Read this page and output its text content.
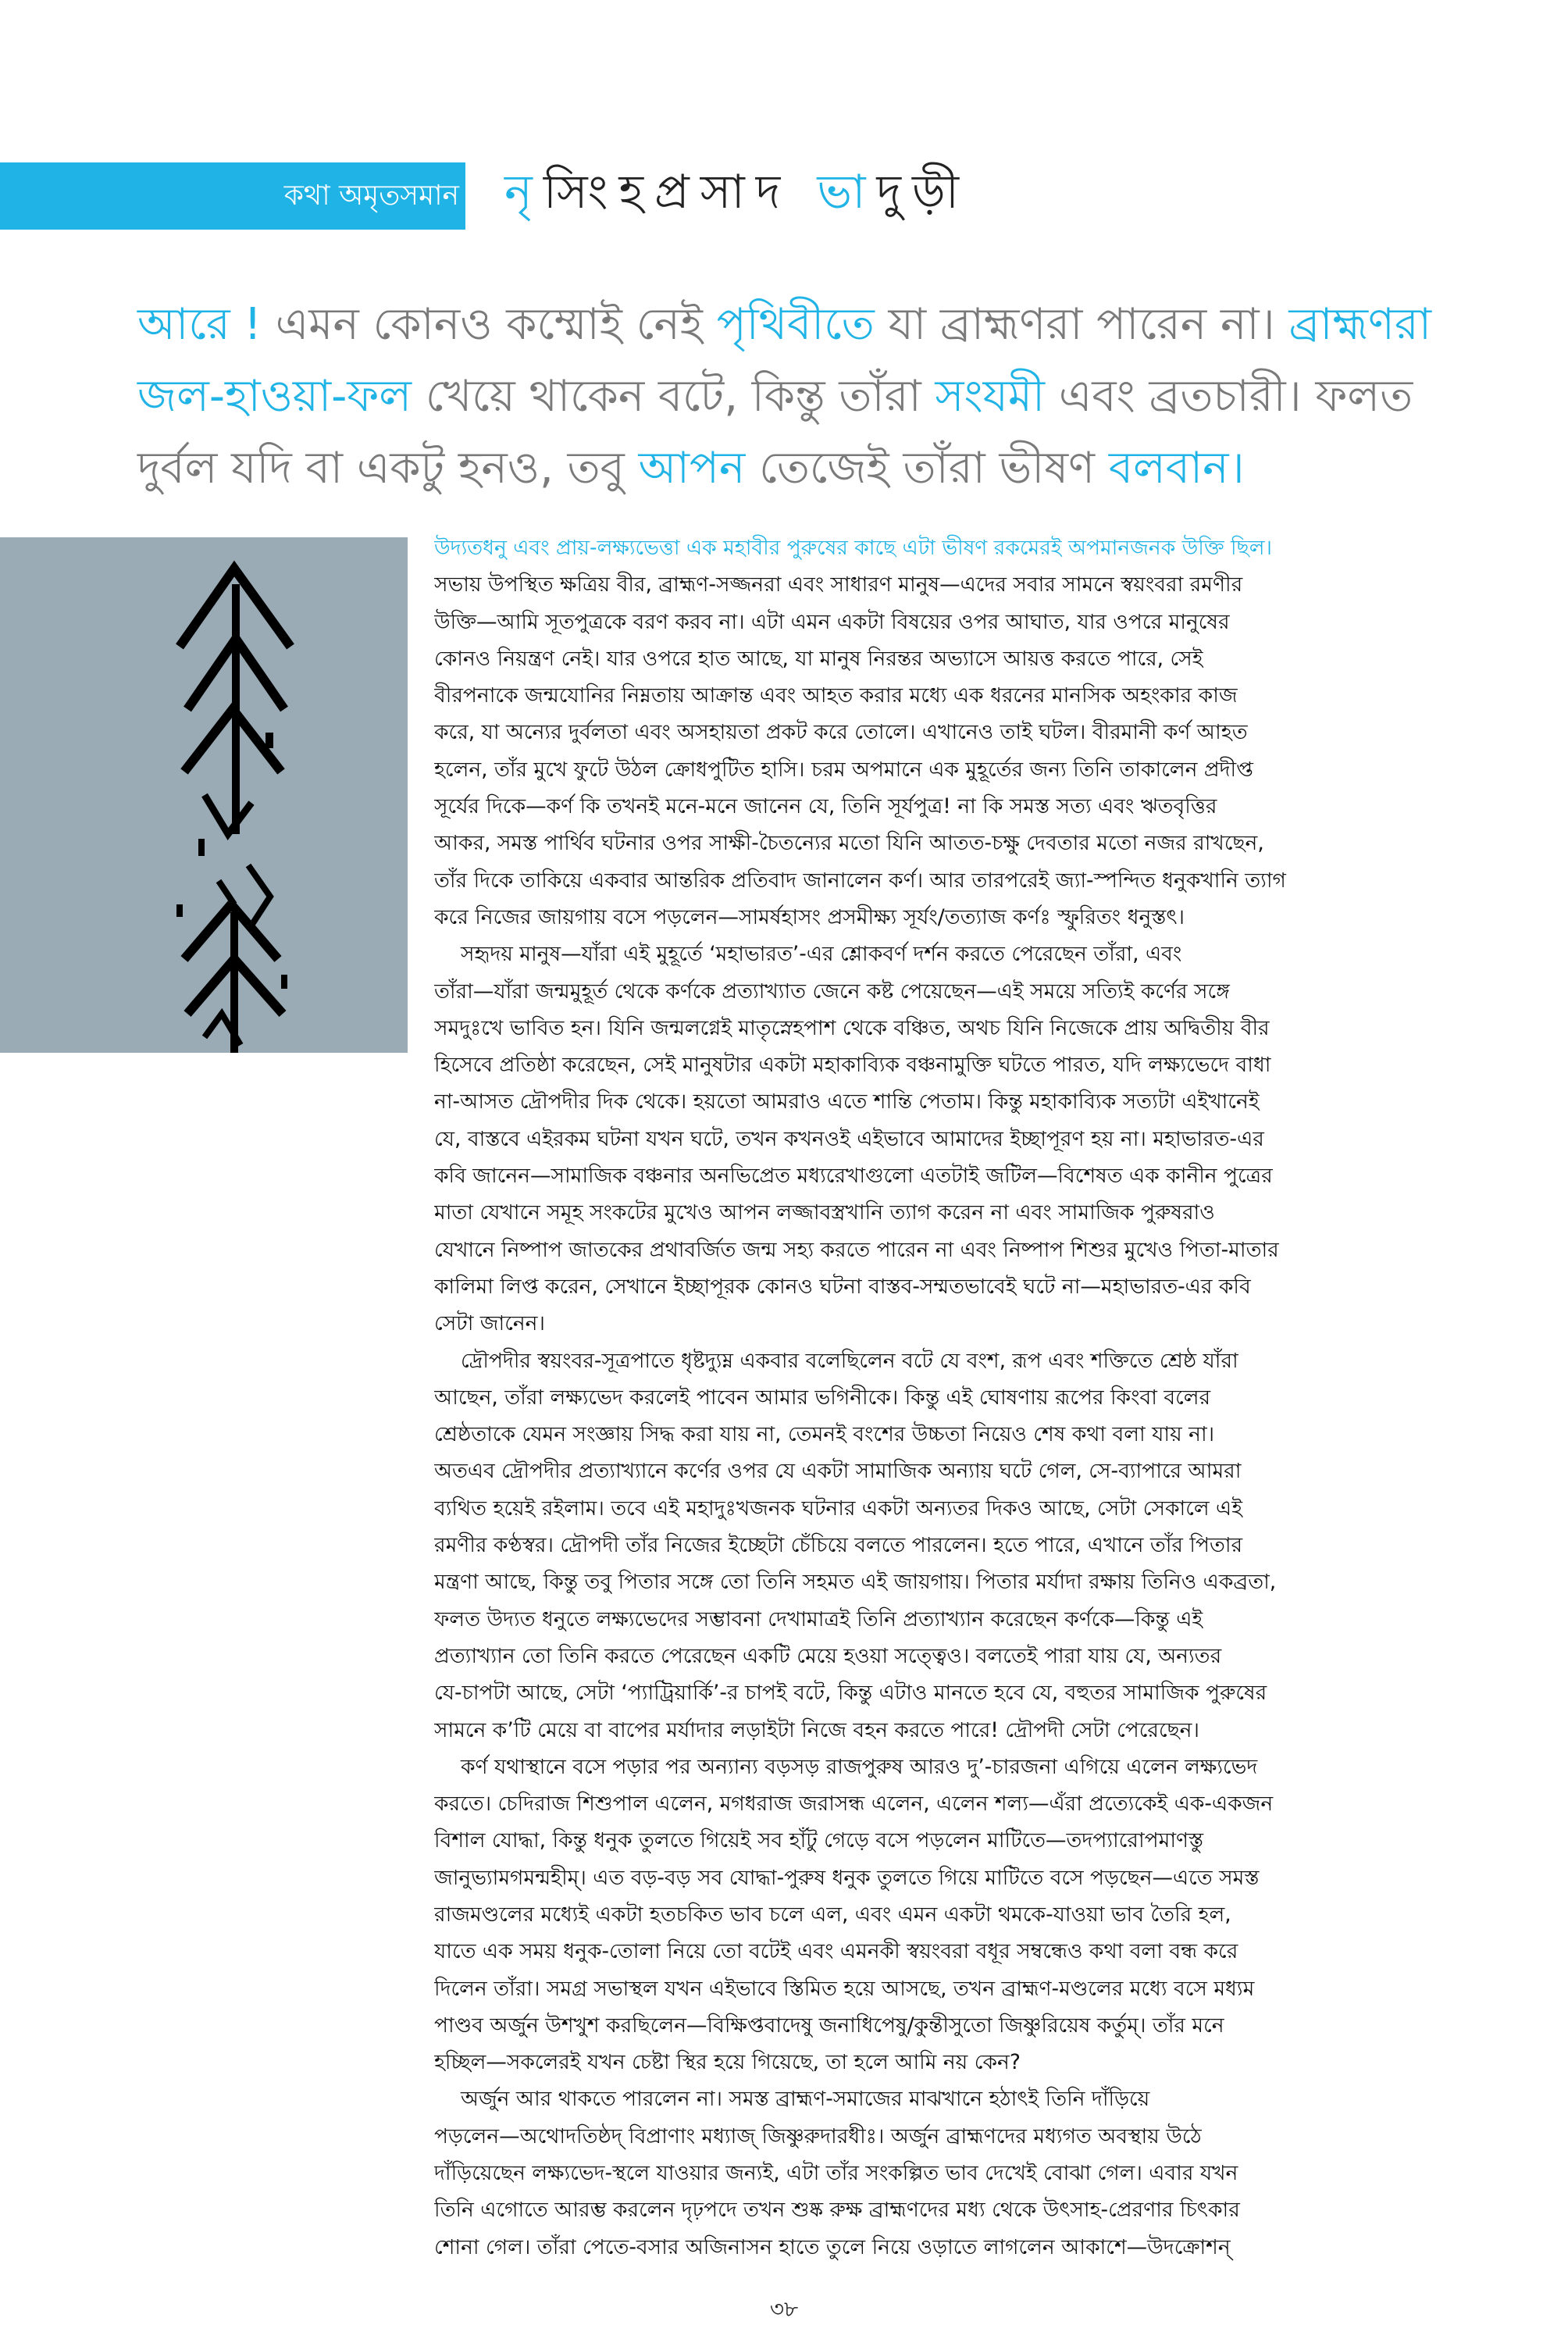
কথা অমৃতসমান নৃসিংহপ্রসাদ ভাদুড়ী
আরে ! এমন কোনও কম্মোই নেই পৃথিবীতে যা ব্রাহ্মণরা পারেন না। ব্রাহ্মণরা
জল-হাওয়া-ফল খেয়ে থাকেন বটে, কিন্তু তাঁরা সংযমী এবং ব্রতচারী। ফলত
দুর্বল যদি বা একটু হনও, তবু আপন তেজেই তাঁরা ভীষণ বলবান।
উদ্যতধনু এবং প্রায়-লক্ষ্যভেত্তা এক মহাবীর পুরুষের কাছে এটা ভীষণ রকমেরই অপমানজনক উক্তি ছিল।
সভায় উপস্থিত ক্ষত্রিয় বীর, ব্রাহ্মণ-সজ্জনরা এবং সাধারণ মানুষ—এদের সবার সামনে স্বয়ংবরা রমণীর
উক্তি—আমি সূতপুত্রকে বরণ করব না। এটা এমন একটা বিষয়ের ওপর আঘাত, যার ওপরে মানুষের
কোনও নিয়ন্ত্রণ নেই। যার ওপরে হাত আছে, যা মানুষ নিরন্তর অভ্যাসে আয়ত্ত করতে পারে, সেই
বীরপনাকে জন্মযোনির নিম্নতায় আক্রান্ত এবং আহত করার মধ্যে এক ধরনের মানসিক অহংকার কাজ
করে, যা অন্যের দুর্বলতা এবং অসহায়তা প্রকট করে তোলে। এখানেও তাই ঘটল। বীরমানী কর্ণ আহত
হলেন, তাঁর মুখে ফুটে উঠল ক্রোধপুটিত হাসি। চরম অপমানে এক মুহূর্তের জন্য তিনি তাকালেন প্রদীপ্ত
সূর্যের দিকে—কর্ণ কি তখনই মনে-মনে জানেন যে, তিনি সূর্যপুত্র! না কি সমস্ত সত্য এবং ঋতবৃত্তির
আকর, সমস্ত পার্থিব ঘটনার ওপর সাক্ষী-চৈতন্যের মতো যিনি আতত-চক্ষু দেবতার মতো নজর রাখছেন,
তাঁর দিকে তাকিয়ে একবার আন্তরিক প্রতিবাদ জানালেন কর্ণ। আর তারপরেই জ্যা-স্পন্দিত ধনুকখানি ত্যাগ
করে নিজের জায়গায় বসে পড়লেন—সামর্ষহাসং প্রসমীক্ষ্য সূর্যং/তত্যাজ কর্ণঃ স্ফুরিতং ধনুস্তৎ।
সহৃদয় মানুষ—যাঁরা এই মুহূর্তে ‘মহাভারত’-এর শ্লোকবর্ণ দর্শন করতে পেরেছেন তাঁরা, এবং
তাঁরা—যাঁরা জন্মমুহূর্ত থেকে কর্ণকে প্রত্যাখ্যাত জেনে কষ্ট পেয়েছেন—এই সময়ে সত্যিই কর্ণের সঙ্গে
সমদুঃখে ভাবিত হন। যিনি জন্মলগ্নেই মাতৃস্নেহপাশ থেকে বঞ্চিত, অথচ যিনি নিজেকে প্রায় অদ্বিতীয় বীর
হিসেবে প্রতিষ্ঠা করেছেন, সেই মানুষটার একটা মহাকাব্যিক বঞ্চনামুক্তি ঘটতে পারত, যদি লক্ষ্যভেদে বাধা
না-আসত দ্রৌপদীর দিক থেকে। হয়তো আমরাও এতে শান্তি পেতাম। কিন্তু মহাকাব্যিক সত্যটা এইখানেই
যে, বাস্তবে এইরকম ঘটনা যখন ঘটে, তখন কখনওই এইভাবে আমাদের ইচ্ছাপূরণ হয় না। মহাভারত-এর
কবি জানেন—সামাজিক বঞ্চনার অনভিপ্রেত মধ্যরেখাগুলো এতটাই জটিল—বিশেষত এক কানীন পুত্রের
মাতা যেখানে সমূহ সংকটের মুখেও আপন লজ্জাবস্ত্রখানি ত্যাগ করেন না এবং সামাজিক পুরুষরাও
যেখানে নিষ্পাপ জাতকের প্রথাবর্জিত জন্ম সহ্য করতে পারেন না এবং নিষ্পাপ শিশুর মুখেও পিতা-মাতার
কালিমা লিপ্ত করেন, সেখানে ইচ্ছাপূরক কোনও ঘটনা বাস্তব-সম্মতভাবেই ঘটে না—মহাভারত-এর কবি
সেটা জানেন।
দ্রৌপদীর স্বয়ংবর-সূত্রপাতে ধৃষ্টদ্যুম্ন একবার বলেছিলেন বটে যে বংশ, রূপ এবং শক্তিতে শ্রেষ্ঠ যাঁরা
আছেন, তাঁরা লক্ষ্যভেদ করলেই পাবেন আমার ভগিনীকে। কিন্তু এই ঘোষণায় রূপের কিংবা বলের
শ্রেষ্ঠতাকে যেমন সংজ্ঞায় সিদ্ধ করা যায় না, তেমনই বংশের উচ্চতা নিয়েও শেষ কথা বলা যায় না।
অতএব দ্রৌপদীর প্রত্যাখ্যানে কর্ণের ওপর যে একটা সামাজিক অন্যায় ঘটে গেল, সে-ব্যাপারে আমরা
ব্যথিত হয়েই রইলাম। তবে এই মহাদুঃখজনক ঘটনার একটা অন্যতর দিকও আছে, সেটা সেকালে এই
রমণীর কণ্ঠস্বর। দ্রৌপদী তাঁর নিজের ইচ্ছেটা চেঁচিয়ে বলতে পারলেন। হতে পারে, এখানে তাঁর পিতার
মন্ত্রণা আছে, কিন্তু তবু পিতার সঙ্গে তো তিনি সহমত এই জায়গায়। পিতার মর্যাদা রক্ষায় তিনিও একব্রতা,
ফলত উদ্যত ধনুতে লক্ষ্যভেদের সম্ভাবনা দেখামাত্রই তিনি প্রত্যাখ্যান করেছেন কর্ণকে—কিন্তু এই
প্রত্যাখ্যান তো তিনি করতে পেরেছেন একটি মেয়ে হওয়া সত্ত্বেও। বলতেই পারা যায় যে, অন্যতর
যে-চাপটা আছে, সেটা ‘প্যাট্রিয়ার্কি’-র চাপই বটে, কিন্তু এটাও মানতে হবে যে, বহুতর সামাজিক পুরুষের
সামনে ক’টি মেয়ে বা বাপের মর্যাদার লড়াইটা নিজে বহন করতে পারে! দ্রৌপদী সেটা পেরেছেন।
কর্ণ যথাস্থানে বসে পড়ার পর অন্যান্য বড়সড় রাজপুরুষ আরও দু’-চারজনা এগিয়ে এলেন লক্ষ্যভেদ
করতে। চেদিরাজ শিশুপাল এলেন, মগধরাজ জরাসন্ধ এলেন, এলেন শল্য—এঁরা প্রত্যেকেই এক-একজন
বিশাল যোদ্ধা, কিন্তু ধনুক তুলতে গিয়েই সব হাঁটু গেড়ে বসে পড়লেন মাটিতে—তদপ্যারোপমাণস্তু
জানুভ্যামগমন্মহীম্। এত বড়-বড় সব যোদ্ধা-পুরুষ ধনুক তুলতে গিয়ে মাটিতে বসে পড়ছেন—এতে সমস্ত
রাজমণ্ডলের মধ্যেই একটা হতচকিত ভাব চলে এল, এবং এমন একটা থমকে-যাওয়া ভাব তৈরি হল,
যাতে এক সময় ধনুক-তোলা নিয়ে তো বটেই এবং এমনকী স্বয়ংবরা বধূর সম্বন্ধেও কথা বলা বন্ধ করে
দিলেন তাঁরা। সমগ্র সভাস্থল যখন এইভাবে স্তিমিত হয়ে আসছে, তখন ব্রাহ্মণ-মণ্ডলের মধ্যে বসে মধ্যম
পাণ্ডব অর্জুন উশখুশ করছিলেন—বিক্ষিপ্তবাদেষু জনাধিপেষু/কুন্তীসুতো জিষ্ণুরিয়েষ কর্তুম্। তাঁর মনে
হচ্ছিল—সকলেরই যখন চেষ্টা স্থির হয়ে গিয়েছে, তা হলে আমি নয় কেন?
অর্জুন আর থাকতে পারলেন না। সমস্ত ব্রাহ্মণ-সমাজের মাঝখানে হঠাৎই তিনি দাঁড়িয়ে
পড়লেন—অথোদতিষ্ঠদ্ বিপ্রাণাং মধ্যাজ্ জিষ্ণুরুদারধীঃ। অর্জুন ব্রাহ্মণদের মধ্যগত অবস্থায় উঠে
দাঁড়িয়েছেন লক্ষ্যভেদ-স্থলে যাওয়ার জন্যই, এটা তাঁর সংকল্পিত ভাব দেখেই বোঝা গেল। এবার যখন
তিনি এগোতে আরম্ভ করলেন দৃঢ়পদে তখন শুষ্ক রুক্ষ ব্রাহ্মণদের মধ্য থেকে উৎসাহ-প্রেরণার চিৎকার
শোনা গেল। তাঁরা পেতে-বসার অজিনাসন হাতে তুলে নিয়ে ওড়াতে লাগলেন আকাশে—উদক্রোশন্
৩৮
